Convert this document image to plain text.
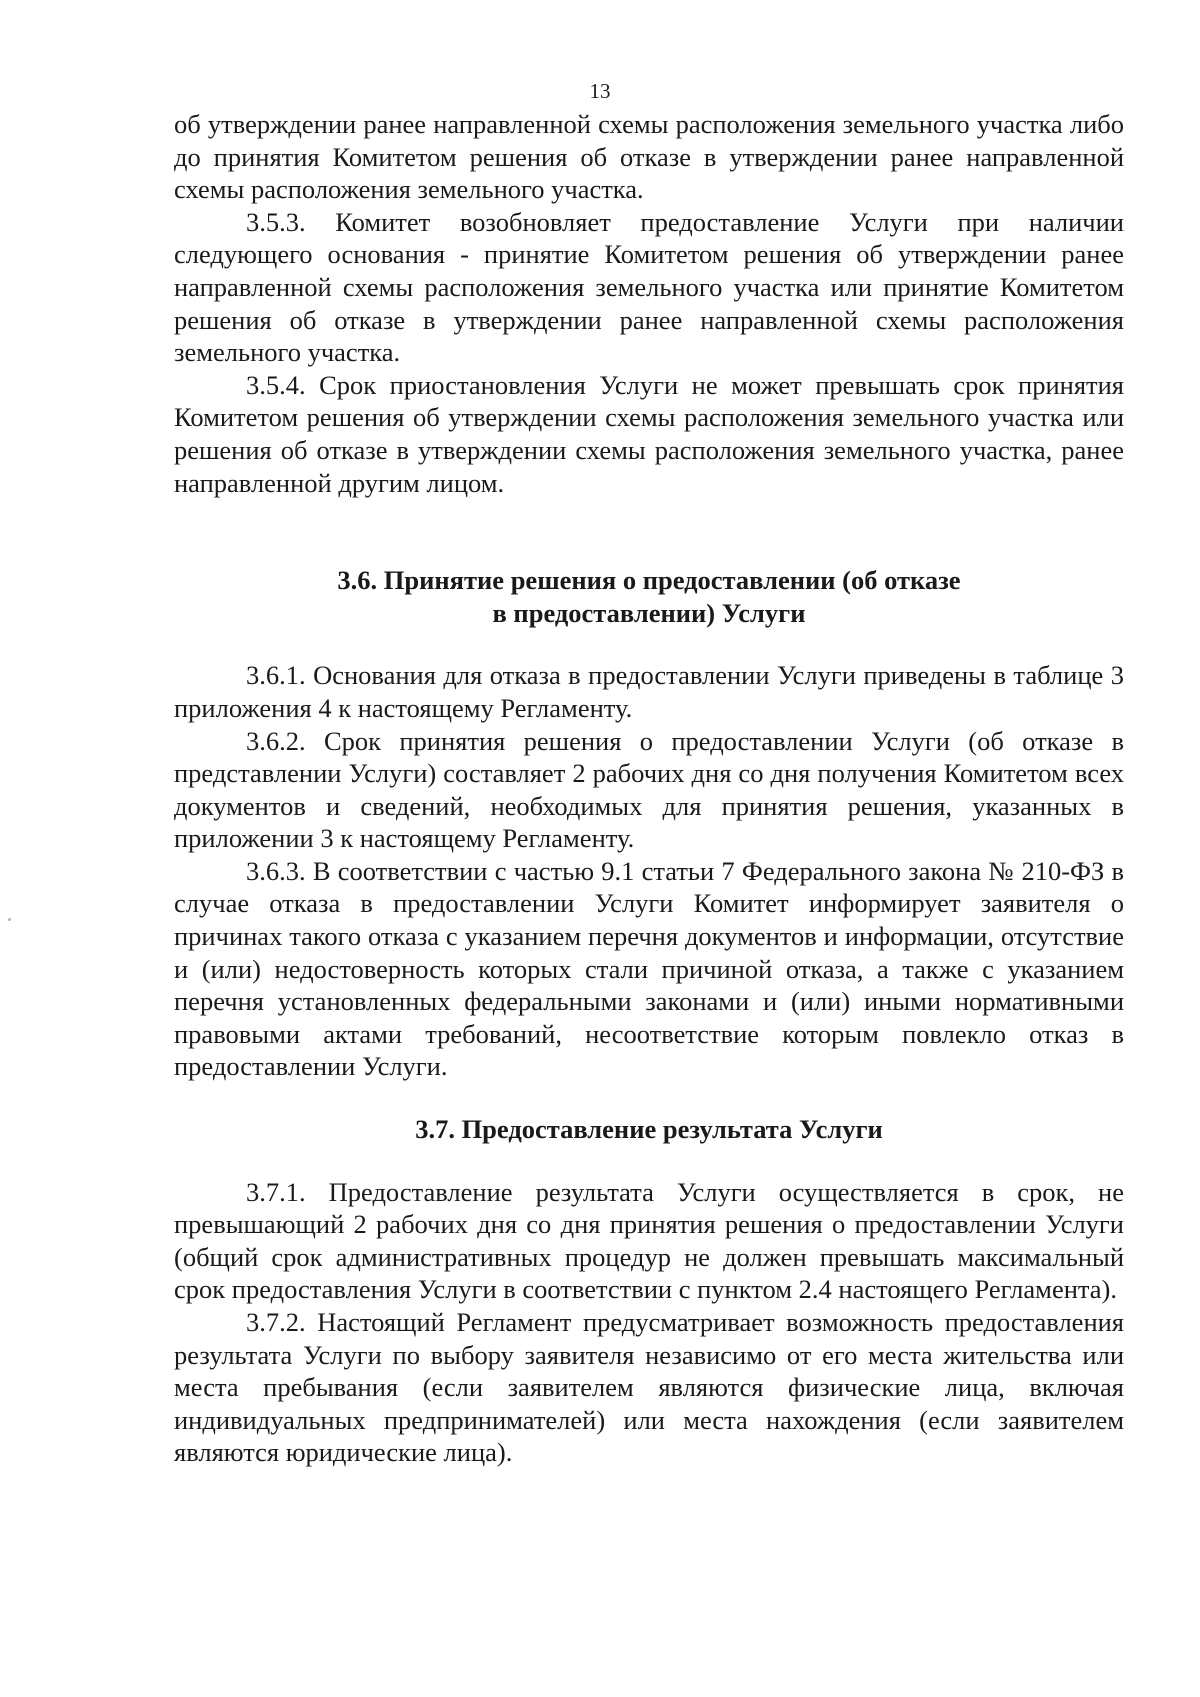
13

об утверждении ранее направленной схемы расположения земельного участка либо до принятия Комитетом решения об отказе в утверждении ранее направленной схемы расположения земельного участка.

3.5.3. Комитет возобновляет предоставление Услуги при наличии следующего основания - принятие Комитетом решения об утверждении ранее направленной схемы расположения земельного участка или принятие Комитетом решения об отказе в утверждении ранее направленной схемы расположения земельного участка.

3.5.4. Срок приостановления Услуги не может превышать срок принятия Комитетом решения об утверждении схемы расположения земельного участка или решения об отказе в утверждении схемы расположения земельного участка, ранее направленной другим лицом.

3.6. Принятие решения о предоставлении (об отказе
в предоставлении) Услуги

3.6.1. Основания для отказа в предоставлении Услуги приведены в таблице 3 приложения 4 к настоящему Регламенту.

3.6.2. Срок принятия решения о предоставлении Услуги (об отказе в представлении Услуги) составляет 2 рабочих дня со дня получения Комитетом всех документов и сведений, необходимых для принятия решения, указанных в приложении 3 к настоящему Регламенту.

3.6.3. В соответствии с частью 9.1 статьи 7 Федерального закона № 210-ФЗ в случае отказа в предоставлении Услуги Комитет информирует заявителя о причинах такого отказа с указанием перечня документов и информации, отсутствие и (или) недостоверность которых стали причиной отказа, а также с указанием перечня установленных федеральными законами и (или) иными нормативными правовыми актами требований, несоответствие которым повлекло отказ в предоставлении Услуги.

3.7. Предоставление результата Услуги

3.7.1. Предоставление результата Услуги осуществляется в срок, не превышающий 2 рабочих дня со дня принятия решения о предоставлении Услуги (общий срок административных процедур не должен превышать максимальный срок предоставления Услуги в соответствии с пунктом 2.4 настоящего Регламента).

3.7.2. Настоящий Регламент предусматривает возможность предоставления результата Услуги по выбору заявителя независимо от его места жительства или места пребывания (если заявителем являются физические лица, включая индивидуальных предпринимателей) или места нахождения (если заявителем являются юридические лица).
